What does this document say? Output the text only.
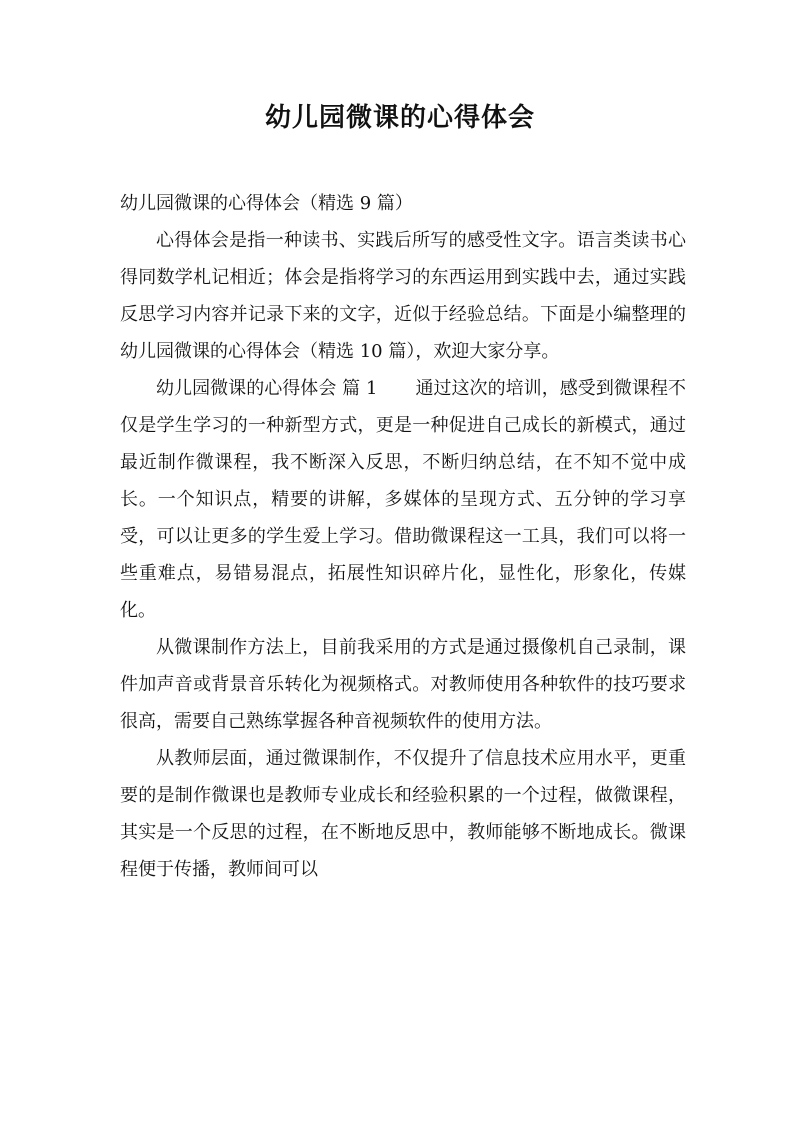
幼儿园微课的心得体会

幼儿园微课的心得体会（精选 9 篇）

心得体会是指一种读书、实践后所写的感受性文字。语言类读书心得同数学札记相近；体会是指将学习的东西运用到实践中去，通过实践反思学习内容并记录下来的文字，近似于经验总结。下面是小编整理的幼儿园微课的心得体会（精选 10 篇），欢迎大家分享。

幼儿园微课的心得体会 篇 1 通过这次的培训，感受到微课程不仅是学生学习的一种新型方式，更是一种促进自己成长的新模式，通过最近制作微课程，我不断深入反思，不断归纳总结，在不知不觉中成长。一个知识点，精要的讲解，多媒体的呈现方式、五分钟的学习享受，可以让更多的学生爱上学习。借助微课程这一工具，我们可以将一些重难点，易错易混点，拓展性知识碎片化，显性化，形象化，传媒化。

从微课制作方法上，目前我采用的方式是通过摄像机自己录制，课件加声音或背景音乐转化为视频格式。对教师使用各种软件的技巧要求很高，需要自己熟练掌握各种音视频软件的使用方法。

从教师层面，通过微课制作，不仅提升了信息技术应用水平，更重要的是制作微课也是教师专业成长和经验积累的一个过程，做微课程，其实是一个反思的过程，在不断地反思中，教师能够不断地成长。微课程便于传播，教师间可以
